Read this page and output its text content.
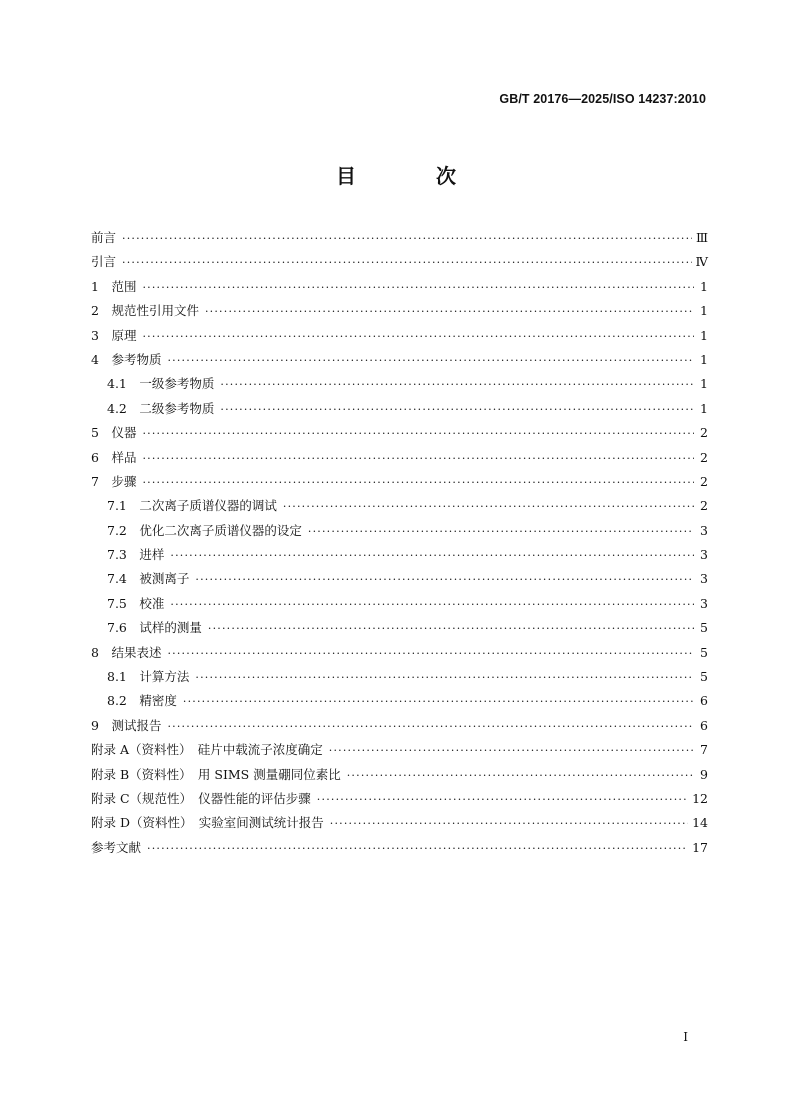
GB/T 20176—2025/ISO 14237:2010
目　次
前言 ·····	Ⅲ
引言 ·····	Ⅳ
1　范围 ·····	1
2　规范性引用文件 ·····	1
3　原理 ·····	1
4　参考物质 ·····	1
4.1　一级参考物质 ·····	1
4.2　二级参考物质 ·····	1
5　仪器 ·····	2
6　样品 ·····	2
7　步骤 ·····	2
7.1　二次离子质谱仪器的调试 ·····	2
7.2　优化二次离子质谱仪器的设定 ·····	3
7.3　进样 ·····	3
7.4　被测离子 ·····	3
7.5　校准 ·····	3
7.6　试样的测量 ·····	5
8　结果表述 ·····	5
8.1　计算方法 ·····	5
8.2　精密度 ·····	6
9　测试报告 ·····	6
附录 A（资料性）　硅片中载流子浓度确定 ·····	7
附录 B（资料性）　用 SIMS 测量硼同位素比 ·····	9
附录 C（规范性）　仪器性能的评估步骤 ·····	12
附录 D（资料性）　实验室间测试统计报告 ·····	14
参考文献 ·····	17
I
